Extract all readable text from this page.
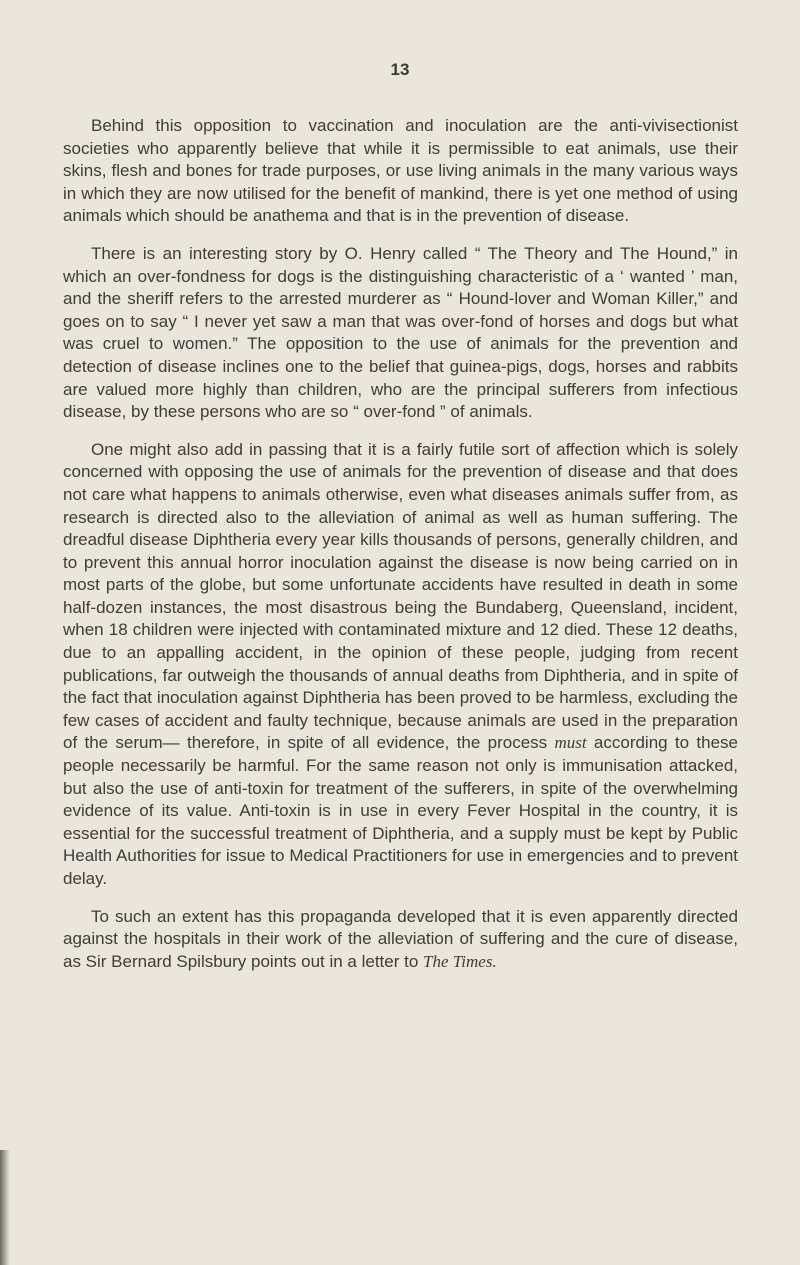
13

Behind this opposition to vaccination and inoculation are the anti-vivisectionist societies who apparently believe that while it is permissible to eat animals, use their skins, flesh and bones for trade purposes, or use living animals in the many various ways in which they are now utilised for the benefit of mankind, there is yet one method of using animals which should be anathema and that is in the prevention of disease.

There is an interesting story by O. Henry called “ The Theory and The Hound,” in which an over-fondness for dogs is the distinguishing characteristic of a ‘ wanted ’ man, and the sheriff refers to the arrested murderer as “ Hound-lover and Woman Killer,” and goes on to say “ I never yet saw a man that was over-fond of horses and dogs but what was cruel to women.” The opposition to the use of animals for the prevention and detection of disease inclines one to the belief that guinea-pigs, dogs, horses and rabbits are valued more highly than children, who are the principal sufferers from infectious disease, by these persons who are so “ over-fond ” of animals.

One might also add in passing that it is a fairly futile sort of affection which is solely concerned with opposing the use of animals for the prevention of disease and that does not care what happens to animals otherwise, even what diseases animals suffer from, as research is directed also to the alleviation of animal as well as human suffering. The dreadful disease Diphtheria every year kills thousands of persons, generally children, and to prevent this annual horror inoculation against the disease is now being carried on in most parts of the globe, but some unfortunate accidents have resulted in death in some half-dozen instances, the most disastrous being the Bundaberg, Queensland, incident, when 18 children were injected with contaminated mixture and 12 died. These 12 deaths, due to an appalling accident, in the opinion of these people, judging from recent publications, far outweigh the thousands of annual deaths from Diphtheria, and in spite of the fact that inoculation against Diphtheria has been proved to be harmless, excluding the few cases of accident and faulty technique, because animals are used in the preparation of the serum— therefore, in spite of all evidence, the process must according to these people necessarily be harmful. For the same reason not only is immunisation attacked, but also the use of anti-toxin for treatment of the sufferers, in spite of the overwhelming evidence of its value. Anti-toxin is in use in every Fever Hospital in the country, it is essential for the successful treatment of Diphtheria, and a supply must be kept by Public Health Authorities for issue to Medical Practitioners for use in emergencies and to prevent delay.

To such an extent has this propaganda developed that it is even apparently directed against the hospitals in their work of the alleviation of suffering and the cure of disease, as Sir Bernard Spilsbury points out in a letter to The Times.
